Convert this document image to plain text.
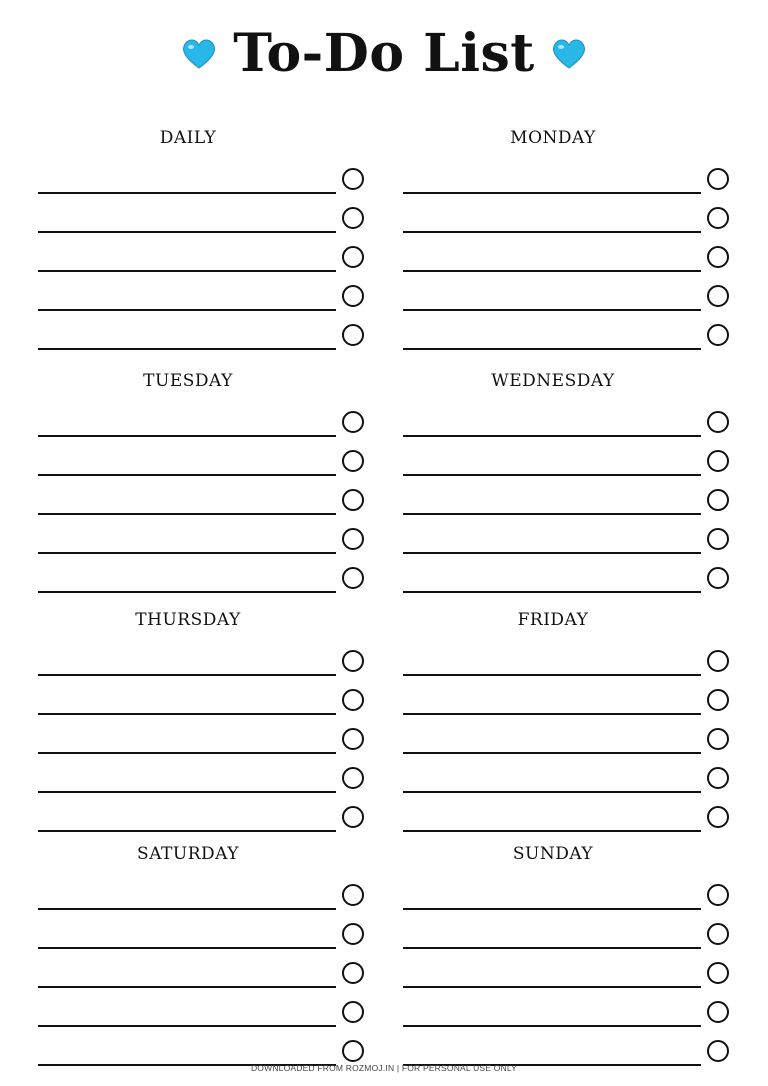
To-Do List
DAILY	MONDAY
TUESDAY	WEDNESDAY
THURSDAY	FRIDAY
SATURDAY	SUNDAY
DOWNLOADED FROM ROZMOJ.IN | FOR PERSONAL USE ONLY
